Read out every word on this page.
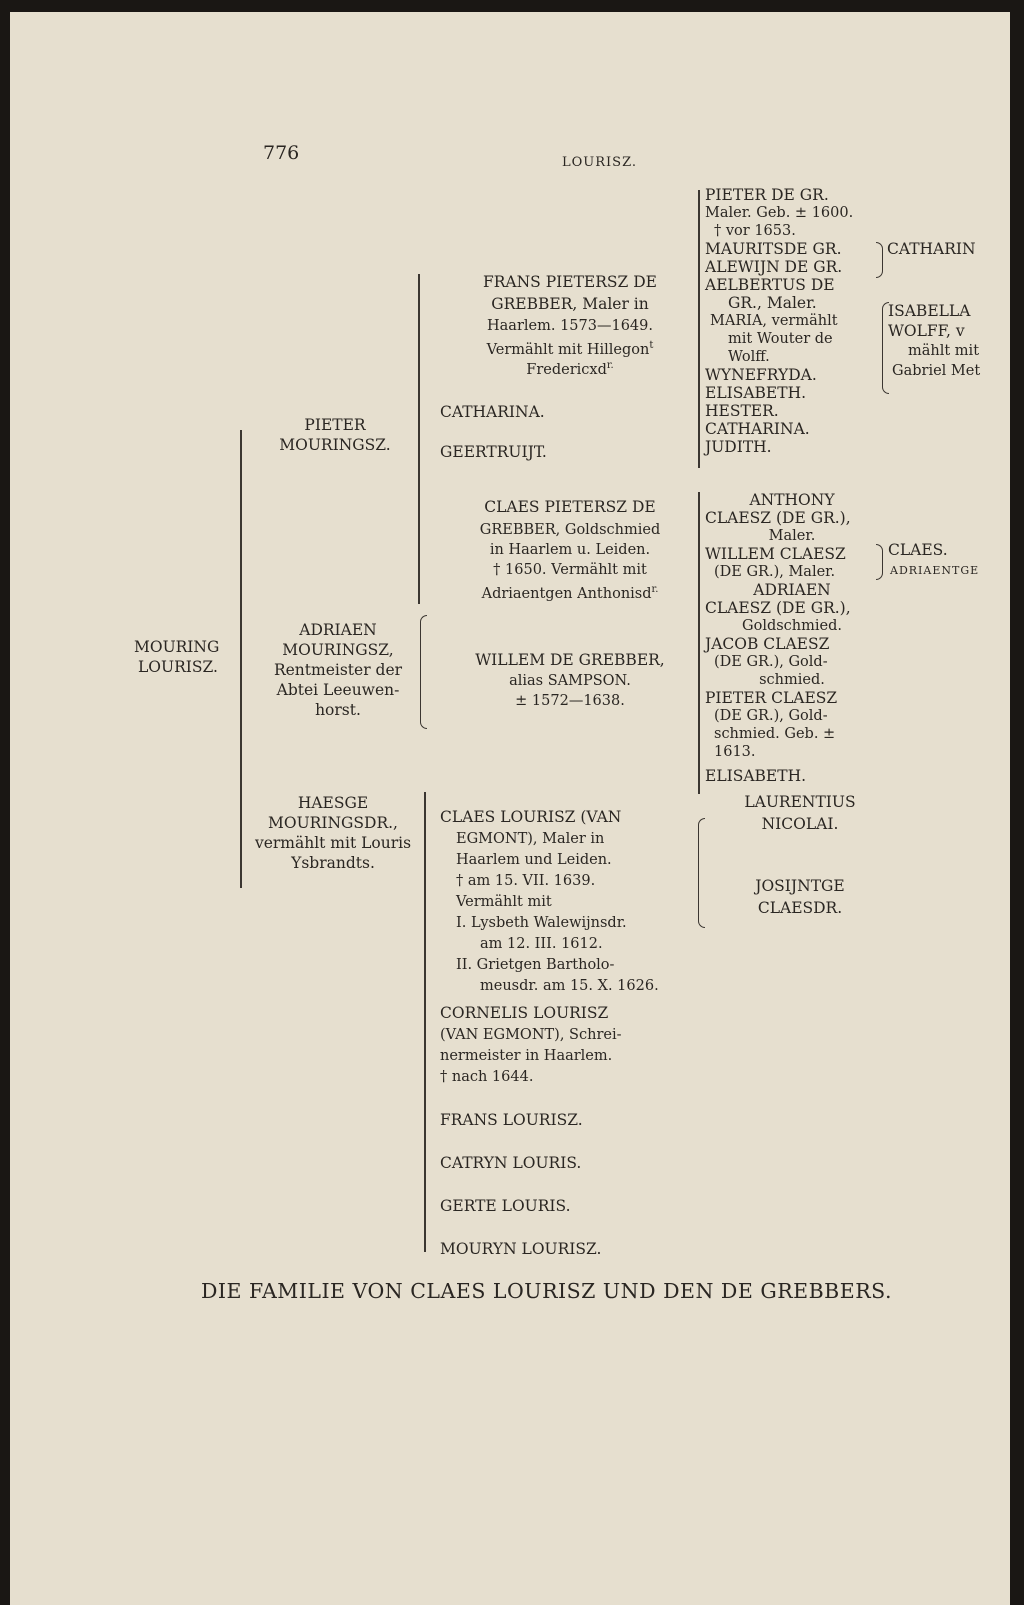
776	LOURISZ.
MOURING
LOURISZ.
PIETER
MOURINGSZ.
ADRIAEN
MOURINGSZ,
Rentmeister der
Abtei Leeuwen-
horst.
HAESGE
MOURINGSDR.,
vermählt mit Louris
Ysbrandts.
FRANS PIETERSZ DE
GREBBER, Maler in
Haarlem. 1573—1649.
Vermählt mit Hillegon$^t$
Fredericxd$^{r.}$
CATHARINA.
GEERTRUIJT.
CLAES PIETERSZ DE
GREBBER, Goldschmied
in Haarlem u. Leiden.
† 1650. Vermählt mit
Adriaentgen Anthonisd$^{r.}$
WILLEM DE GREBBER,
alias SAMPSON.
± 1572—1638.
CLAES LOURISZ (VAN
EGMONT), Maler in
Haarlem und Leiden.
† am 15. VII. 1639.
Vermählt mit
I. Lysbeth Walewijnsdr.
am 12. III. 1612.
II. Grietgen Bartholo-
meusdr. am 15. X. 1626.
CORNELIS LOURISZ
(VAN EGMONT), Schrei-
nermeister in Haarlem.
† nach 1644.
FRANS LOURISZ.
CATRYN LOURIS.
GERTE LOURIS.
MOURYN LOURISZ.
PIETER DE GR.
Maler. Geb. ± 1600.
† vor 1653.
MAURITSDE GR.
ALEWIJN DE GR.
AELBERTUS DE
GR., Maler.
MARIA, vermählt
mit Wouter de
Wolff.
WYNEFRYDA.
ELISABETH.
HESTER.
CATHARINA.
JUDITH.
ANTHONY
CLAESZ (DE GR.),
Maler.
WILLEM CLAESZ
(DE GR.), Maler.
ADRIAEN
CLAESZ (DE GR.),
Goldschmied.
JACOB CLAESZ
(DE GR.), Gold-
schmied.
PIETER CLAESZ
(DE GR.), Gold-
schmied. Geb. ±
1613.
ELISABETH.
LAURENTIUS
NICOLAI.
JOSIJNTGE
CLAESDR.
CATHARIN
ISABELLA
WOLFF, v
mählt mit
Gabriel Met
CLAES.
ADRIAENTGE
DIE FAMILIE VON CLAES LOURISZ UND DEN DE GREBBERS.
